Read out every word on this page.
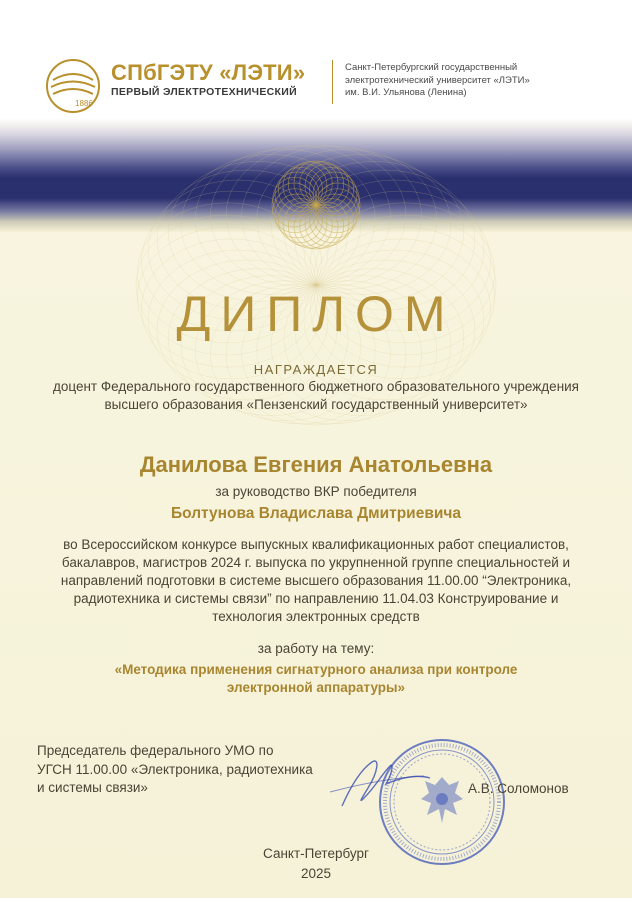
1886
СПбГЭТУ «ЛЭТИ»
ПЕРВЫЙ ЭЛЕКТРОТЕХНИЧЕСКИЙ
Санкт-Петербургский государственный
электротехнический университет «ЛЭТИ»
им. В.И. Ульянова (Ленина)
ДИПЛОМ
НАГРАЖДАЕТСЯ
доцент Федерального государственного бюджетного образовательного учреждения высшего образования «Пензенский государственный университет»
Данилова Евгения Анатольевна
за руководство ВКР победителя
Болтунова Владислава Дмитриевича
во Всероссийском конкурсе выпускных квалификационных работ специалистов, бакалавров, магистров 2024 г. выпуска по укрупненной группе специальностей и направлений подготовки в системе высшего образования 11.00.00 “Электроника, радиотехника и системы связи” по направлению 11.04.03 Конструирование и технология электронных средств
за работу на тему:
«Методика применения сигнатурного анализа при контроле электронной аппаратуры»
Председатель федерального УМО по
УГСН 11.00.00 «Электроника, радиотехника
и системы связи»	А.В. Соломонов
Санкт-Петербург
2025
